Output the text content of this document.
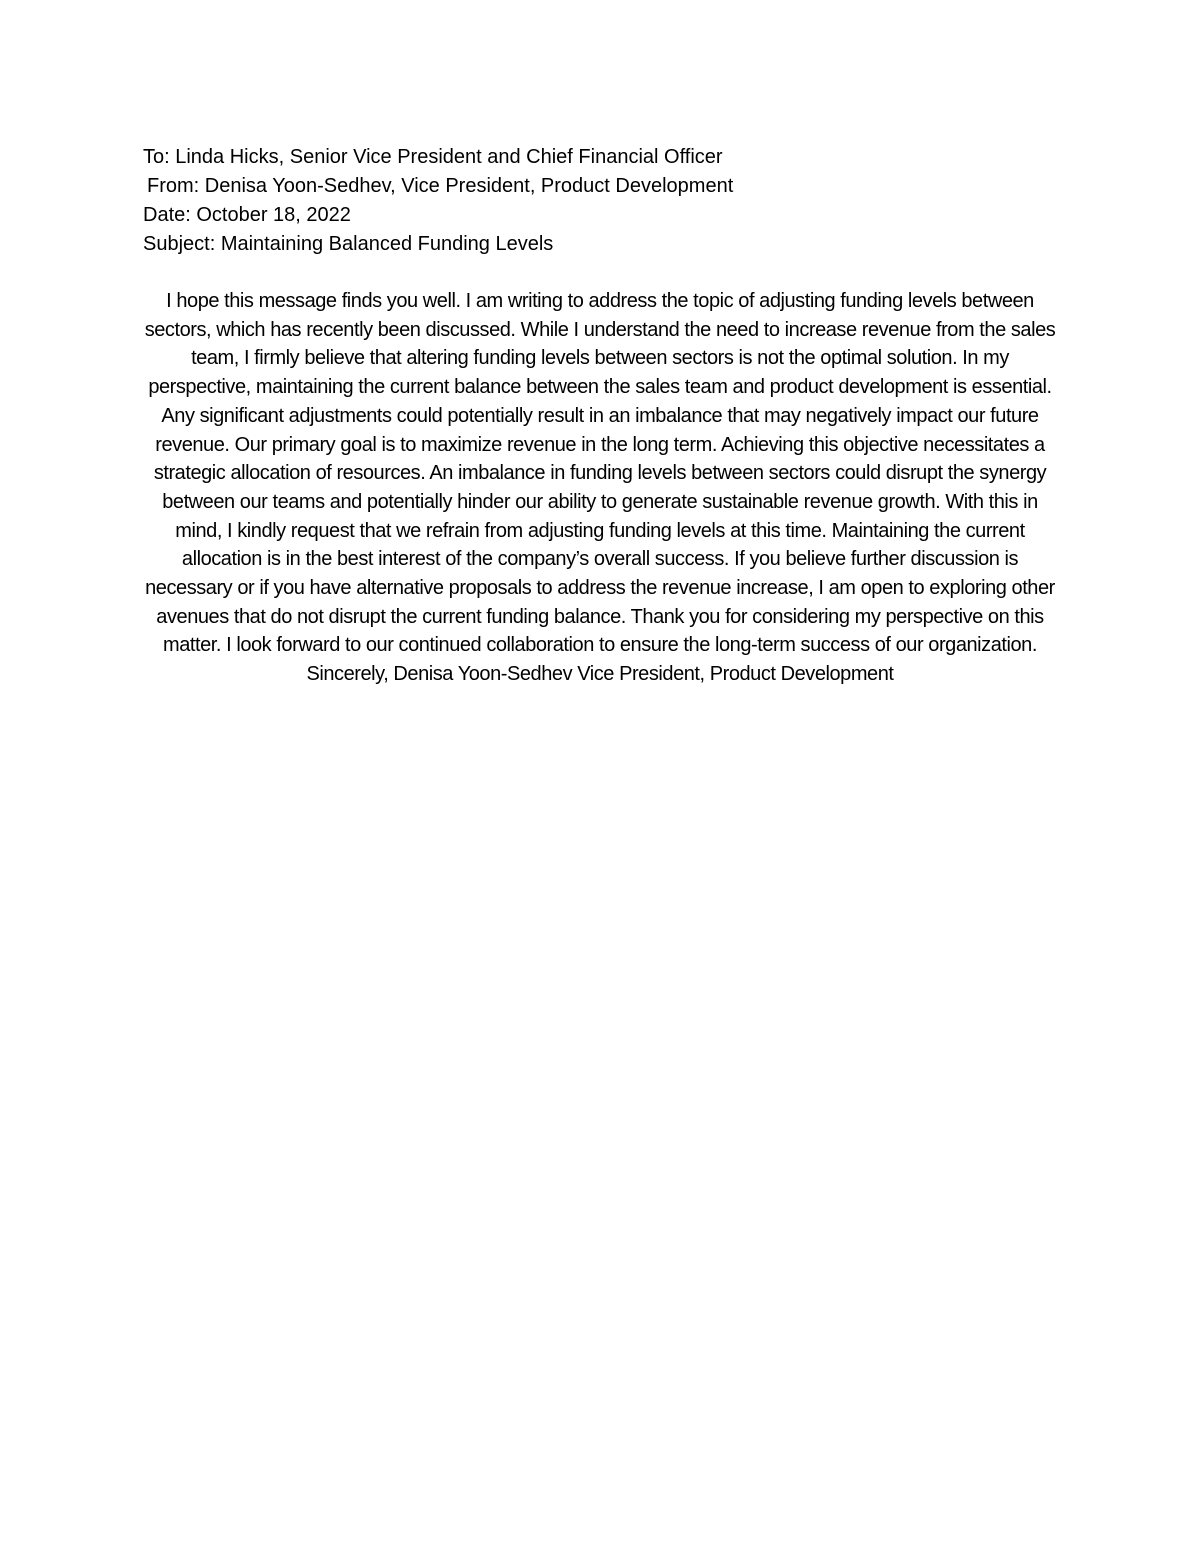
To: Linda Hicks, Senior Vice President and Chief Financial Officer
From: Denisa Yoon-Sedhev, Vice President, Product Development
Date: October 18, 2022
Subject: Maintaining Balanced Funding Levels
I hope this message finds you well. I am writing to address the topic of adjusting funding levels between sectors, which has recently been discussed. While I understand the need to increase revenue from the sales team, I firmly believe that altering funding levels between sectors is not the optimal solution. In my perspective, maintaining the current balance between the sales team and product development is essential. Any significant adjustments could potentially result in an imbalance that may negatively impact our future revenue. Our primary goal is to maximize revenue in the long term. Achieving this objective necessitates a strategic allocation of resources. An imbalance in funding levels between sectors could disrupt the synergy between our teams and potentially hinder our ability to generate sustainable revenue growth. With this in mind, I kindly request that we refrain from adjusting funding levels at this time. Maintaining the current allocation is in the best interest of the company’s overall success. If you believe further discussion is necessary or if you have alternative proposals to address the revenue increase, I am open to exploring other avenues that do not disrupt the current funding balance. Thank you for considering my perspective on this matter. I look forward to our continued collaboration to ensure the long-term success of our organization. Sincerely, Denisa Yoon-Sedhev Vice President, Product Development
